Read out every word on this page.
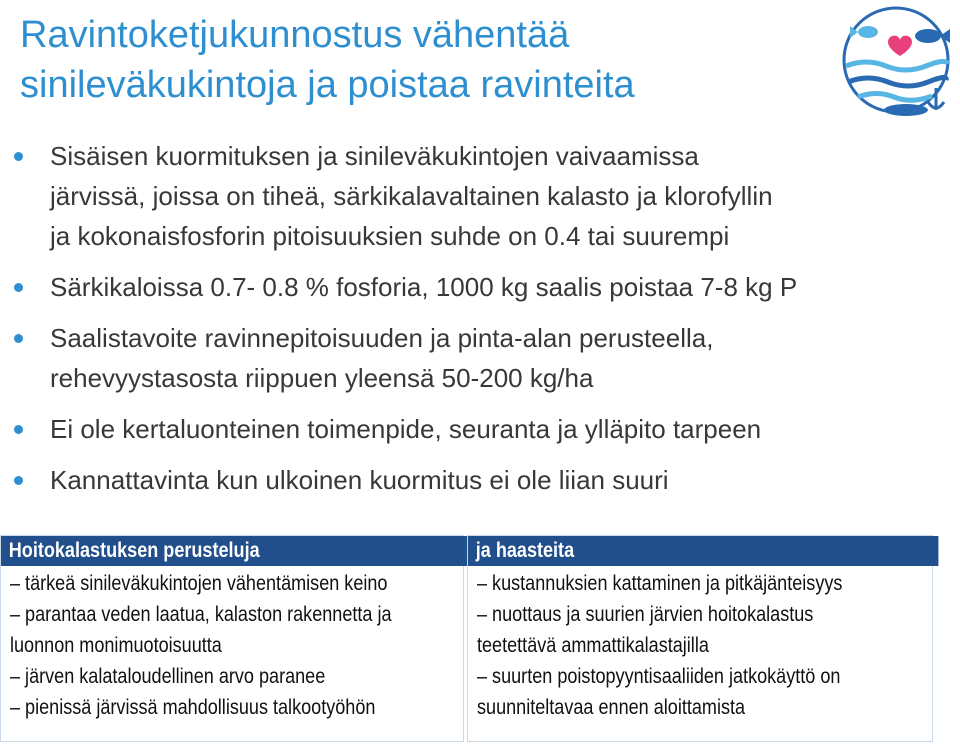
Ravintoketjukunnostus vähentää
sinileväkukintoja ja poistaa ravinteita
Sisäisen kuormituksen ja sinileväkukintojen vaivaamissa
järvissä, joissa on tiheä, särkikalavaltainen kalasto ja klorofyllin
ja kokonaisfosforin pitoisuuksien suhde on 0.4 tai suurempi
Särkikaloissa 0.7- 0.8 % fosforia, 1000 kg saalis poistaa 7-8 kg P
Saalistavoite ravinnepitoisuuden ja pinta-alan perusteella,
rehevyystasosta riippuen yleensä 50-200 kg/ha
Ei ole kertaluonteinen toimenpide, seuranta ja ylläpito tarpeen
Kannattavinta kun ulkoinen kuormitus ei ole liian suuri
Hoitokalastuksen perusteluja
– tärkeä sinileväkukintojen vähentämisen keino
– parantaa veden laatua, kalaston rakennetta ja
luonnon monimuotoisuutta
– järven kalataloudellinen arvo paranee
– pienissä järvissä mahdollisuus talkootyöhön
ja haasteita
– kustannuksien kattaminen ja pitkäjänteisyys
– nuottaus ja suurien järvien hoitokalastus
teetettävä ammattikalastajilla
– suurten poistopyyntisaaliiden jatkokäyttö on
suunniteltavaa ennen aloittamista
